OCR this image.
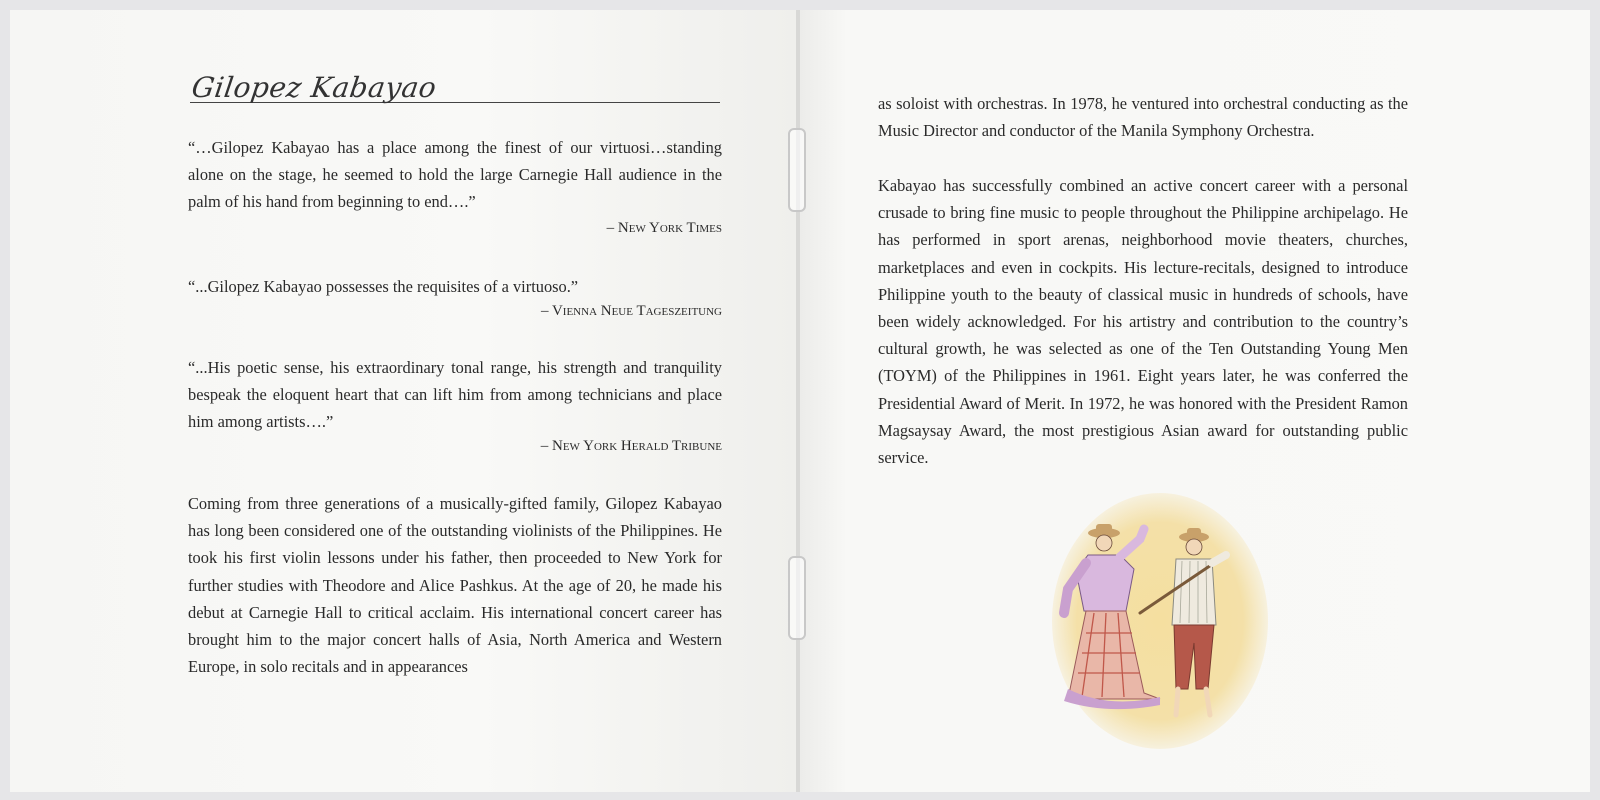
Gilopez Kabayao
“…Gilopez Kabayao has a place among the finest of our virtuosi…standing alone on the stage, he seemed to hold the large Carnegie Hall audience in the palm of his hand from beginning to end….”
– New York Times
“...Gilopez Kabayao possesses the requisites of a virtuoso.”
– Vienna Neue Tageszeitung
“...His poetic sense, his extraordinary tonal range, his strength and tranquility bespeak the eloquent heart that can lift him from among technicians and place him among artists….”
– New York Herald Tribune
Coming from three generations of a musically-gifted family, Gilopez Kabayao has long been considered one of the outstanding violinists of the Philippines. He took his first violin lessons under his father, then proceeded to New York for further studies with Theodore and Alice Pashkus. At the age of 20, he made his debut at Carnegie Hall to critical acclaim. His international concert career has brought him to the major concert halls of Asia, North America and Western Europe, in solo recitals and in appearances
as soloist with orchestras. In 1978, he ventured into orchestral conducting as the Music Director and conductor of the Manila Symphony Orchestra.
Kabayao has successfully combined an active concert career with a personal crusade to bring fine music to people throughout the Philippine archipelago. He has performed in sport arenas, neighborhood movie theaters, churches, marketplaces and even in cockpits. His lecture-recitals, designed to introduce Philippine youth to the beauty of classical music in hundreds of schools, have been widely acknowledged. For his artistry and contribution to the country’s cultural growth, he was selected as one of the Ten Outstanding Young Men (TOYM) of the Philippines in 1961. Eight years later, he was conferred the Presidential Award of Merit. In 1972, he was honored with the President Ramon Magsaysay Award, the most prestigious Asian award for outstanding public service.
